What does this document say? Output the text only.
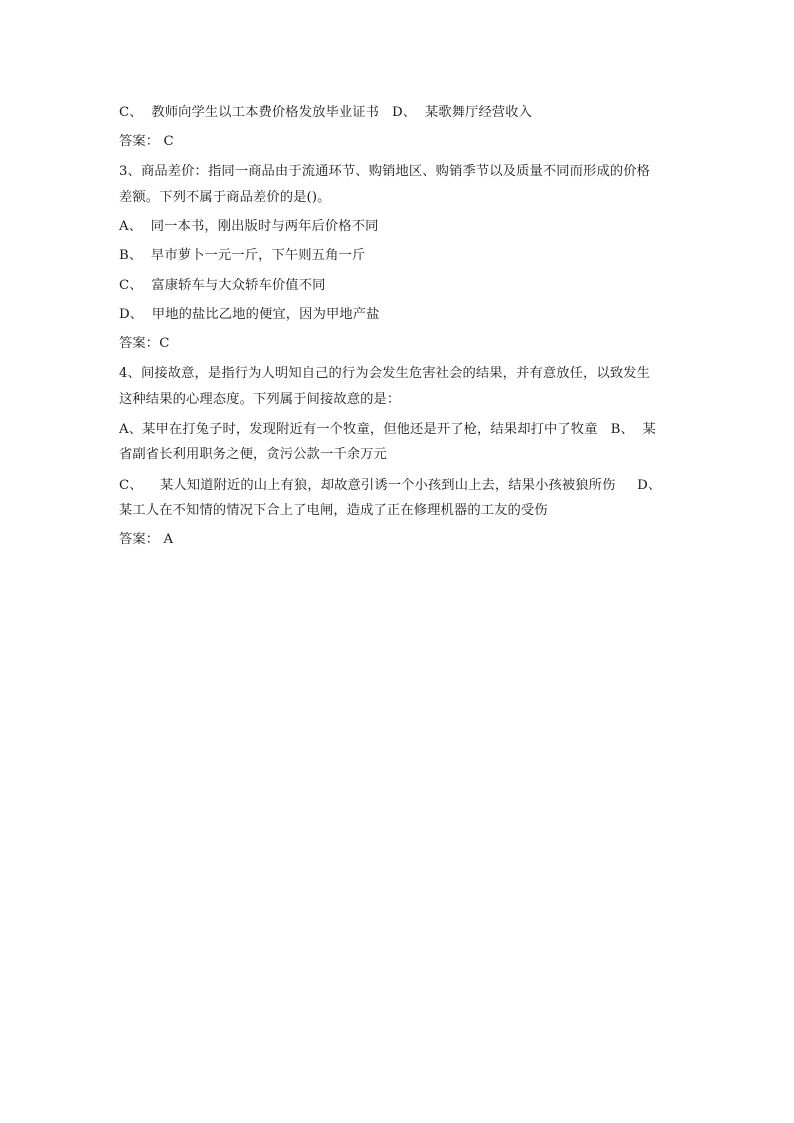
C、  教师向学生以工本费价格发放毕业证书   D、  某歌舞厅经营收入
答案： C
3、商品差价：指同一商品由于流通环节、购销地区、购销季节以及质量不同而形成的价格
差额。下列不属于商品差价的是()。
A、  同一本书，刚出版时与两年后价格不同
B、  早市萝卜一元一斤，下午则五角一斤
C、  富康轿车与大众轿车价值不同
D、  甲地的盐比乙地的便宜，因为甲地产盐
答案：C
4、间接故意，是指行为人明知自己的行为会发生危害社会的结果，并有意放任，以致发生
这种结果的心理态度。下列属于间接故意的是：
A、某甲在打兔子时，发现附近有一个牧童，但他还是开了枪，结果却打中了牧童   B、  某
省副省长利用职务之便，贪污公款一千余万元
C、    某人知道附近的山上有狼，却故意引诱一个小孩到山上去，结果小孩被狼所伤     D、
某工人在不知情的情况下合上了电闸，造成了正在修理机器的工友的受伤
答案： A
